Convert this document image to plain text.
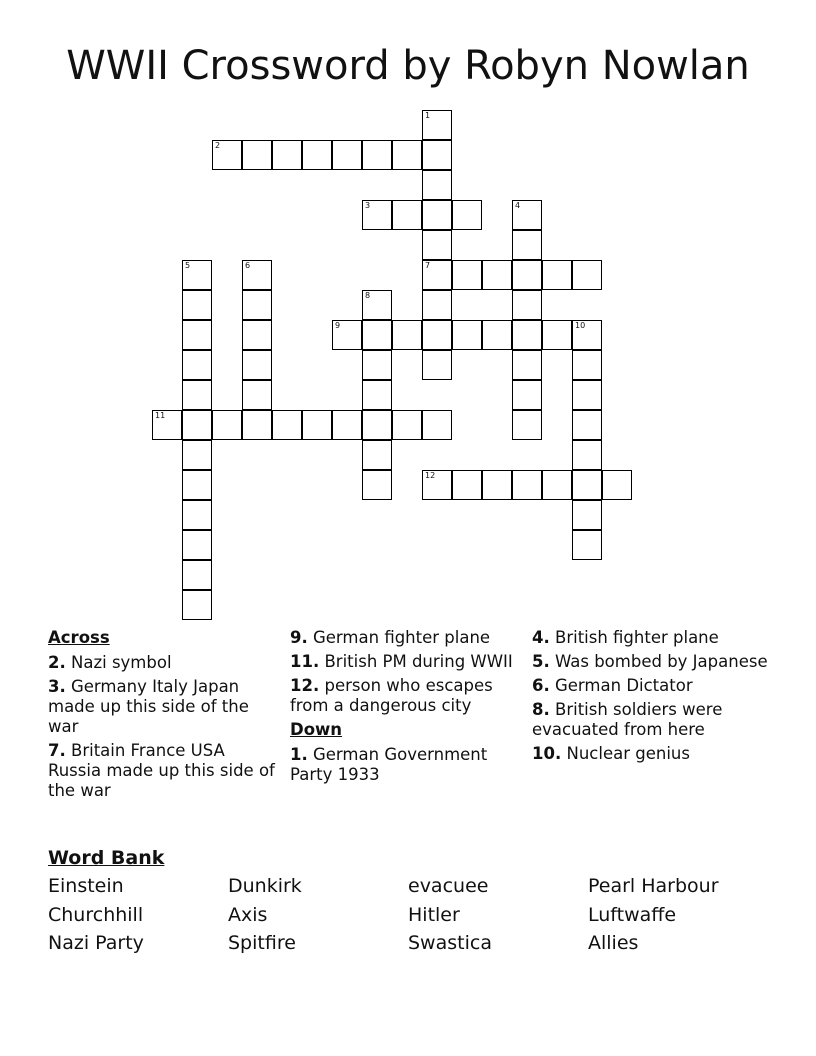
WWII Crossword by Robyn Nowlan
1
7
2
3	4
5	6
8
9	10
11
12
Across
2. Nazi symbol
3. Germany Italy Japan made up this side of the war
7. Britain France USA Russia made up this side of the war
9. German fighter plane
11. British PM during WWII
12. person who escapes from a dangerous city
Down
1. German Government Party 1933
4. British fighter plane
5. Was bombed by Japanese
6. German Dictator
8. British soldiers were evacuated from here
10. Nuclear genius
Word Bank
Einstein	Dunkirk	evacuee	Pearl Harbour
Churchhill	Axis	Hitler	Luftwaffe
Nazi Party	Spitfire	Swastica	Allies
